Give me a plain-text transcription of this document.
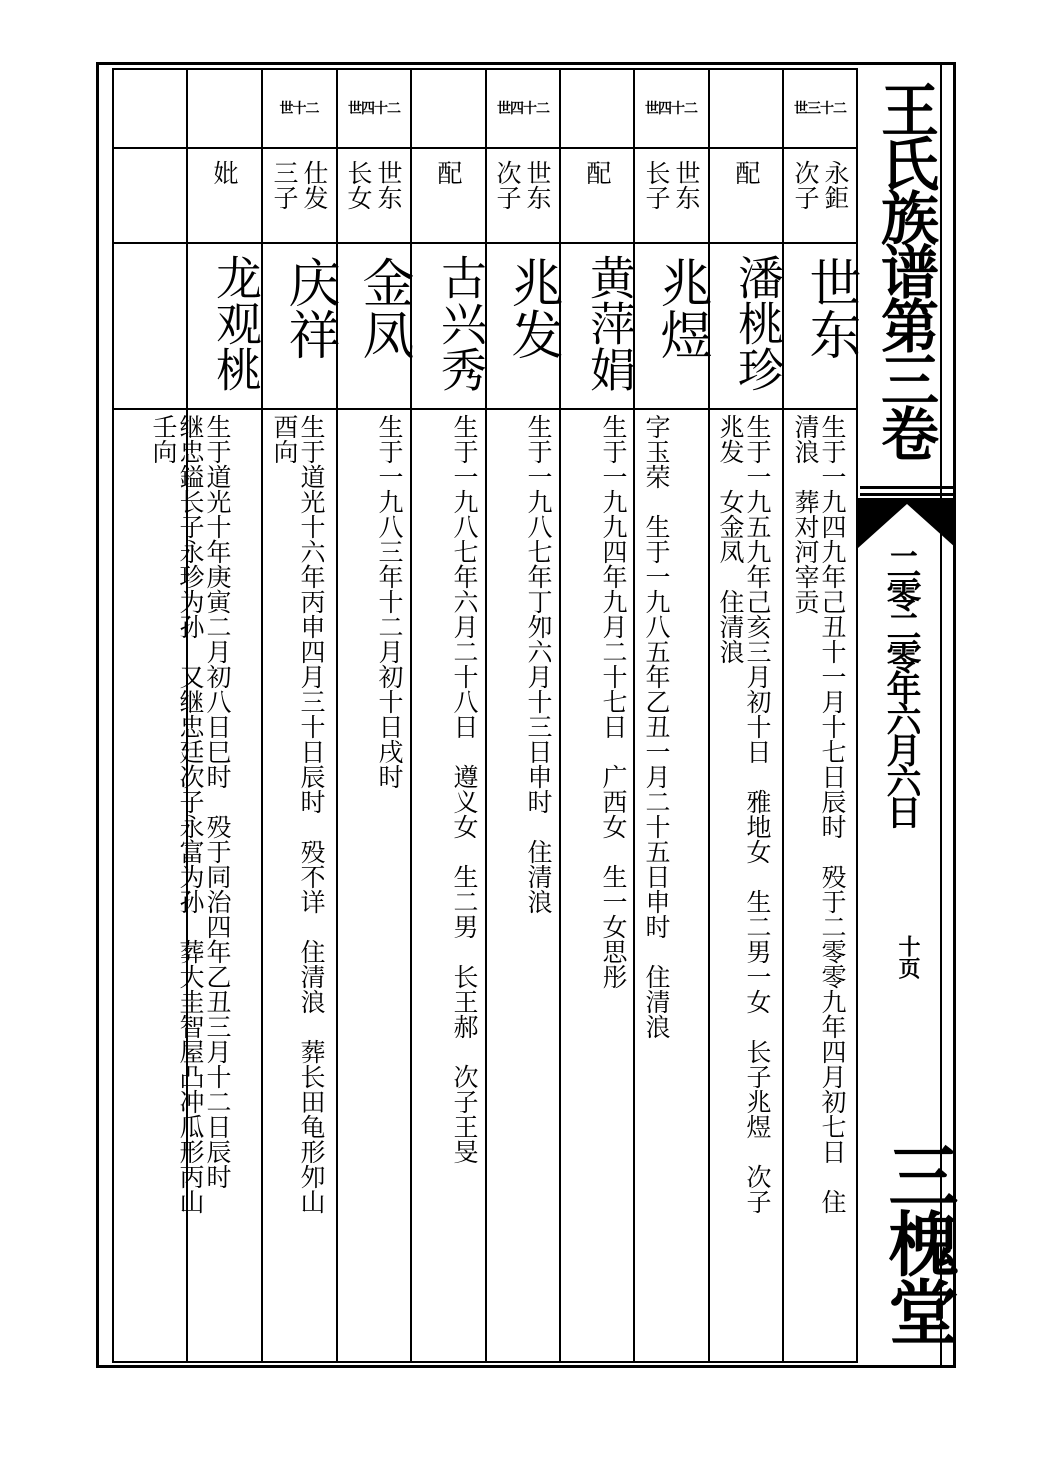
世三十二
永鉅
次子
世东
生于一九四九年己丑十一月十七日辰时　殁于二零零九年四月初七日　住
清浪　葬对河宰贡
配
潘桃珍
生于一九五九年己亥三月初十日　雅地女　生二男一女　长子兆煜　次子
兆发　女金凤　住清浪
世四十二
世东
长子
兆煜

字玉荣　生于一九八五年乙丑一月二十五日申时　住清浪
配
黄萍娟
生于一九九四年九月二十七日　广西女　生一女思彤
世四十二
世东
次子
兆发
生于一九八七年丁夘六月十三日申时　住清浪
配
古兴秀
生于一九八七年六月二十八日　遵义女　生二男　长王郝　次子王旻
世四十二
世东
长女
金凤
生于一九八三年十二月初十日戌时
世十二
仕发
三子
庆祥
生于道光十六年丙申四月三十日辰时　殁不详　住清浪　葬长田龟形夘山
酉向
妣
龙观桃
生于道光十年庚寅二月初八日巳时　殁于同治四年乙丑三月十二日辰时
继忠鎰长子永珍为孙　又继忠廷次子永富为孙　葬大圭智屋凸冲瓜形丙山
壬向	王氏族谱第三卷
二零二零年六月六日
十页
三槐堂
